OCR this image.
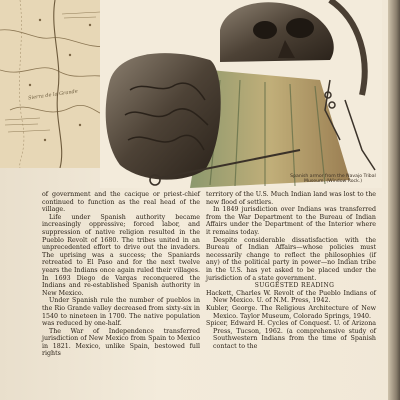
Sierra de la Grande
Spanish armor from the Navajo Tribal Museum. (Window Rock.)

of government and the cacique or priest-chief continued to function as the real head of the village.

Life under Spanish authority became increasingly oppressive; forced labor, and suppression of native religion resulted in the Pueblo Revolt of 1680. The tribes united in an unprecedented effort to drive out the invaders. The uprising was a success; the Spaniards retreated to El Paso and for the next twelve years the Indians once again ruled their villages. In 1693 Diego de Vargas reconquered the Indians and re-established Spanish authority in New Mexico.

Under Spanish rule the number of pueblos in the Rio Grande valley decreased from sixty-six in 1540 to nineteen in 1700. The native population was reduced by one-half.

The War of Independence transferred jurisdiction of New Mexico from Spain to Mexico in 1821. Mexico, unlike Spain, bestowed full rights

territory of the U.S. Much Indian land was lost to the new flood of settlers.

In 1849 jurisdiction over Indians was transferred from the War Department to the Bureau of Indian Affairs under the Department of the Interior where it remains today.

Despite considerable dissatisfaction with the Bureau of Indian Affairs—whose policies must necessarily change to reflect the philosophies (if any) of the political party in power—no Indian tribe in the U.S. has yet asked to be placed under the jurisdiction of a state government.

SUGGESTED READING

Hackett, Charles W. Revolt of the Pueblo Indians of New Mexico. U. of N.M. Press, 1942.

Kubler, George. The Religious Architecture of New Mexico. Taylor Museum, Colorado Springs, 1940.

Spicer, Edward H. Cycles of Conquest. U. of Arizona Press, Tucson, 1962. (a comprehensive study of Southwestern Indians from the time of Spanish contact to the
